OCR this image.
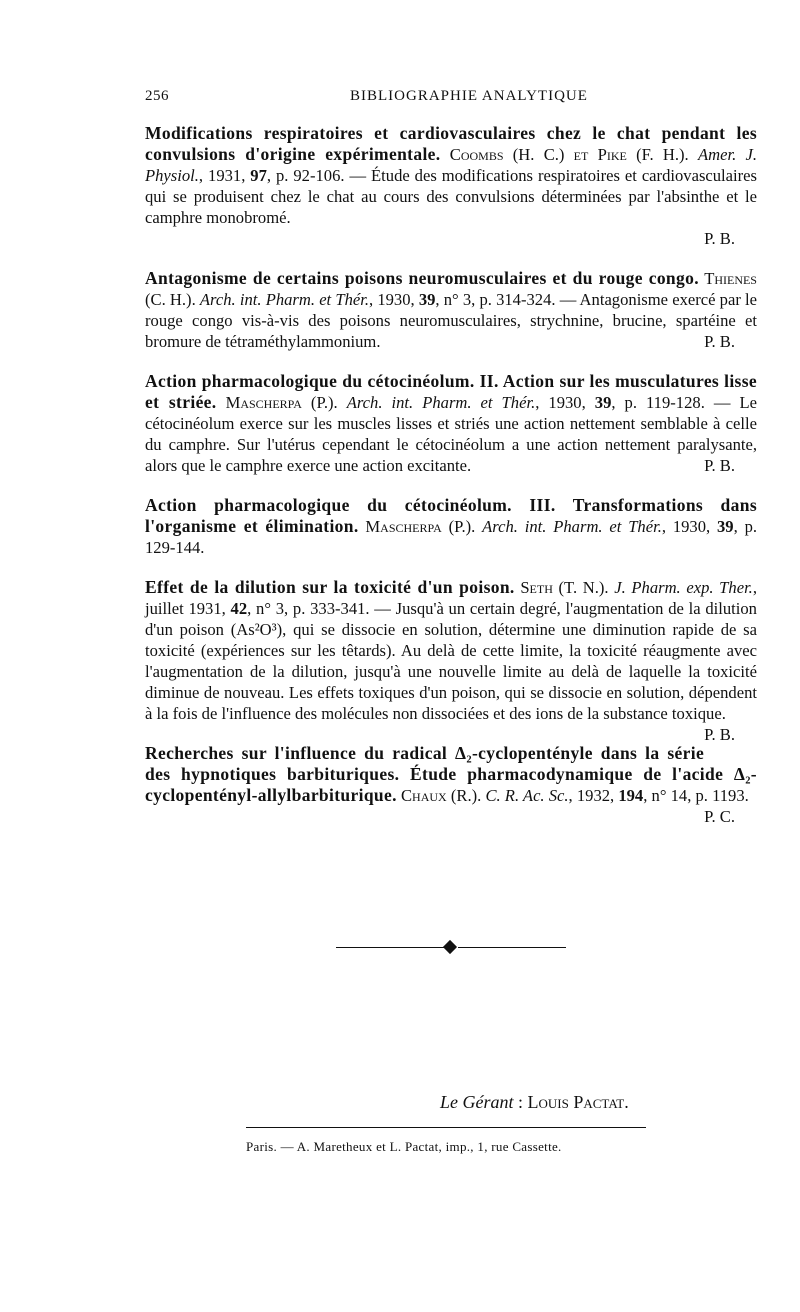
256	BIBLIOGRAPHIE ANALYTIQUE

Modifications respiratoires et cardiovasculaires chez le chat pendant les convulsions d'origine expérimentale. Coombs (H. C.) et Pike (F. H.). Amer. J. Physiol., 1931, 97, p. 92-106. — Étude des modifications respiratoires et cardiovasculaires qui se produisent chez le chat au cours des convulsions déterminées par l'absinthe et le camphre monobromé.
P. B.

Antagonisme de certains poisons neuromusculaires et du rouge congo. Thienes (C. H.). Arch. int. Pharm. et Thér., 1930, 39, n° 3, p. 314-324. — Antagonisme exercé par le rouge congo vis-à-vis des poisons neuromusculaires, strychnine, brucine, spartéine et bromure de tétraméthylammonium.	P. B.

Action pharmacologique du cétocinéolum. II. Action sur les musculatures lisse et striée. Mascherpa (P.). Arch. int. Pharm. et Thér., 1930, 39, p. 119-128. — Le cétocinéolum exerce sur les muscles lisses et striés une action nettement semblable à celle du camphre. Sur l'utérus cependant le cétocinéolum a une action nettement paralysante, alors que le camphre exerce une action excitante.	P. B.

Action pharmacologique du cétocinéolum. III. Transformations dans l'organisme et élimination. Mascherpa (P.). Arch. int. Pharm. et Thér., 1930, 39, p. 129-144.

Effet de la dilution sur la toxicité d'un poison. Seth (T. N.). J. Pharm. exp. Ther., juillet 1931, 42, n° 3, p. 333-341. — Jusqu'à un certain degré, l'augmentation de la dilution d'un poison (As²O³), qui se dissocie en solution, détermine une diminution rapide de sa toxicité (expériences sur les têtards). Au delà de cette limite, la toxicité réaugmente avec l'augmentation de la dilution, jusqu'à une nouvelle limite au delà de laquelle la toxicité diminue de nouveau. Les effets toxiques d'un poison, qui se dissocie en solution, dépendent à la fois de l'influence des molécules non dissociées et des ions de la substance toxique.
P. B.

Recherches sur l'influence du radical Δ₂-cyclopenténylе dans la série des hypnotiques barbituriques. Étude pharmacodynamique de l'acide Δ₂-cyclopenténуl-allylbarbiturique. Chaux (R.). C. R. Ac. Sc., 1932, 194, n° 14, p. 1193.
P. C.

Le Gérant : Louis Pactat.
Paris. — A. Maretheux et L. Pactat, imp., 1, rue Cassette.
